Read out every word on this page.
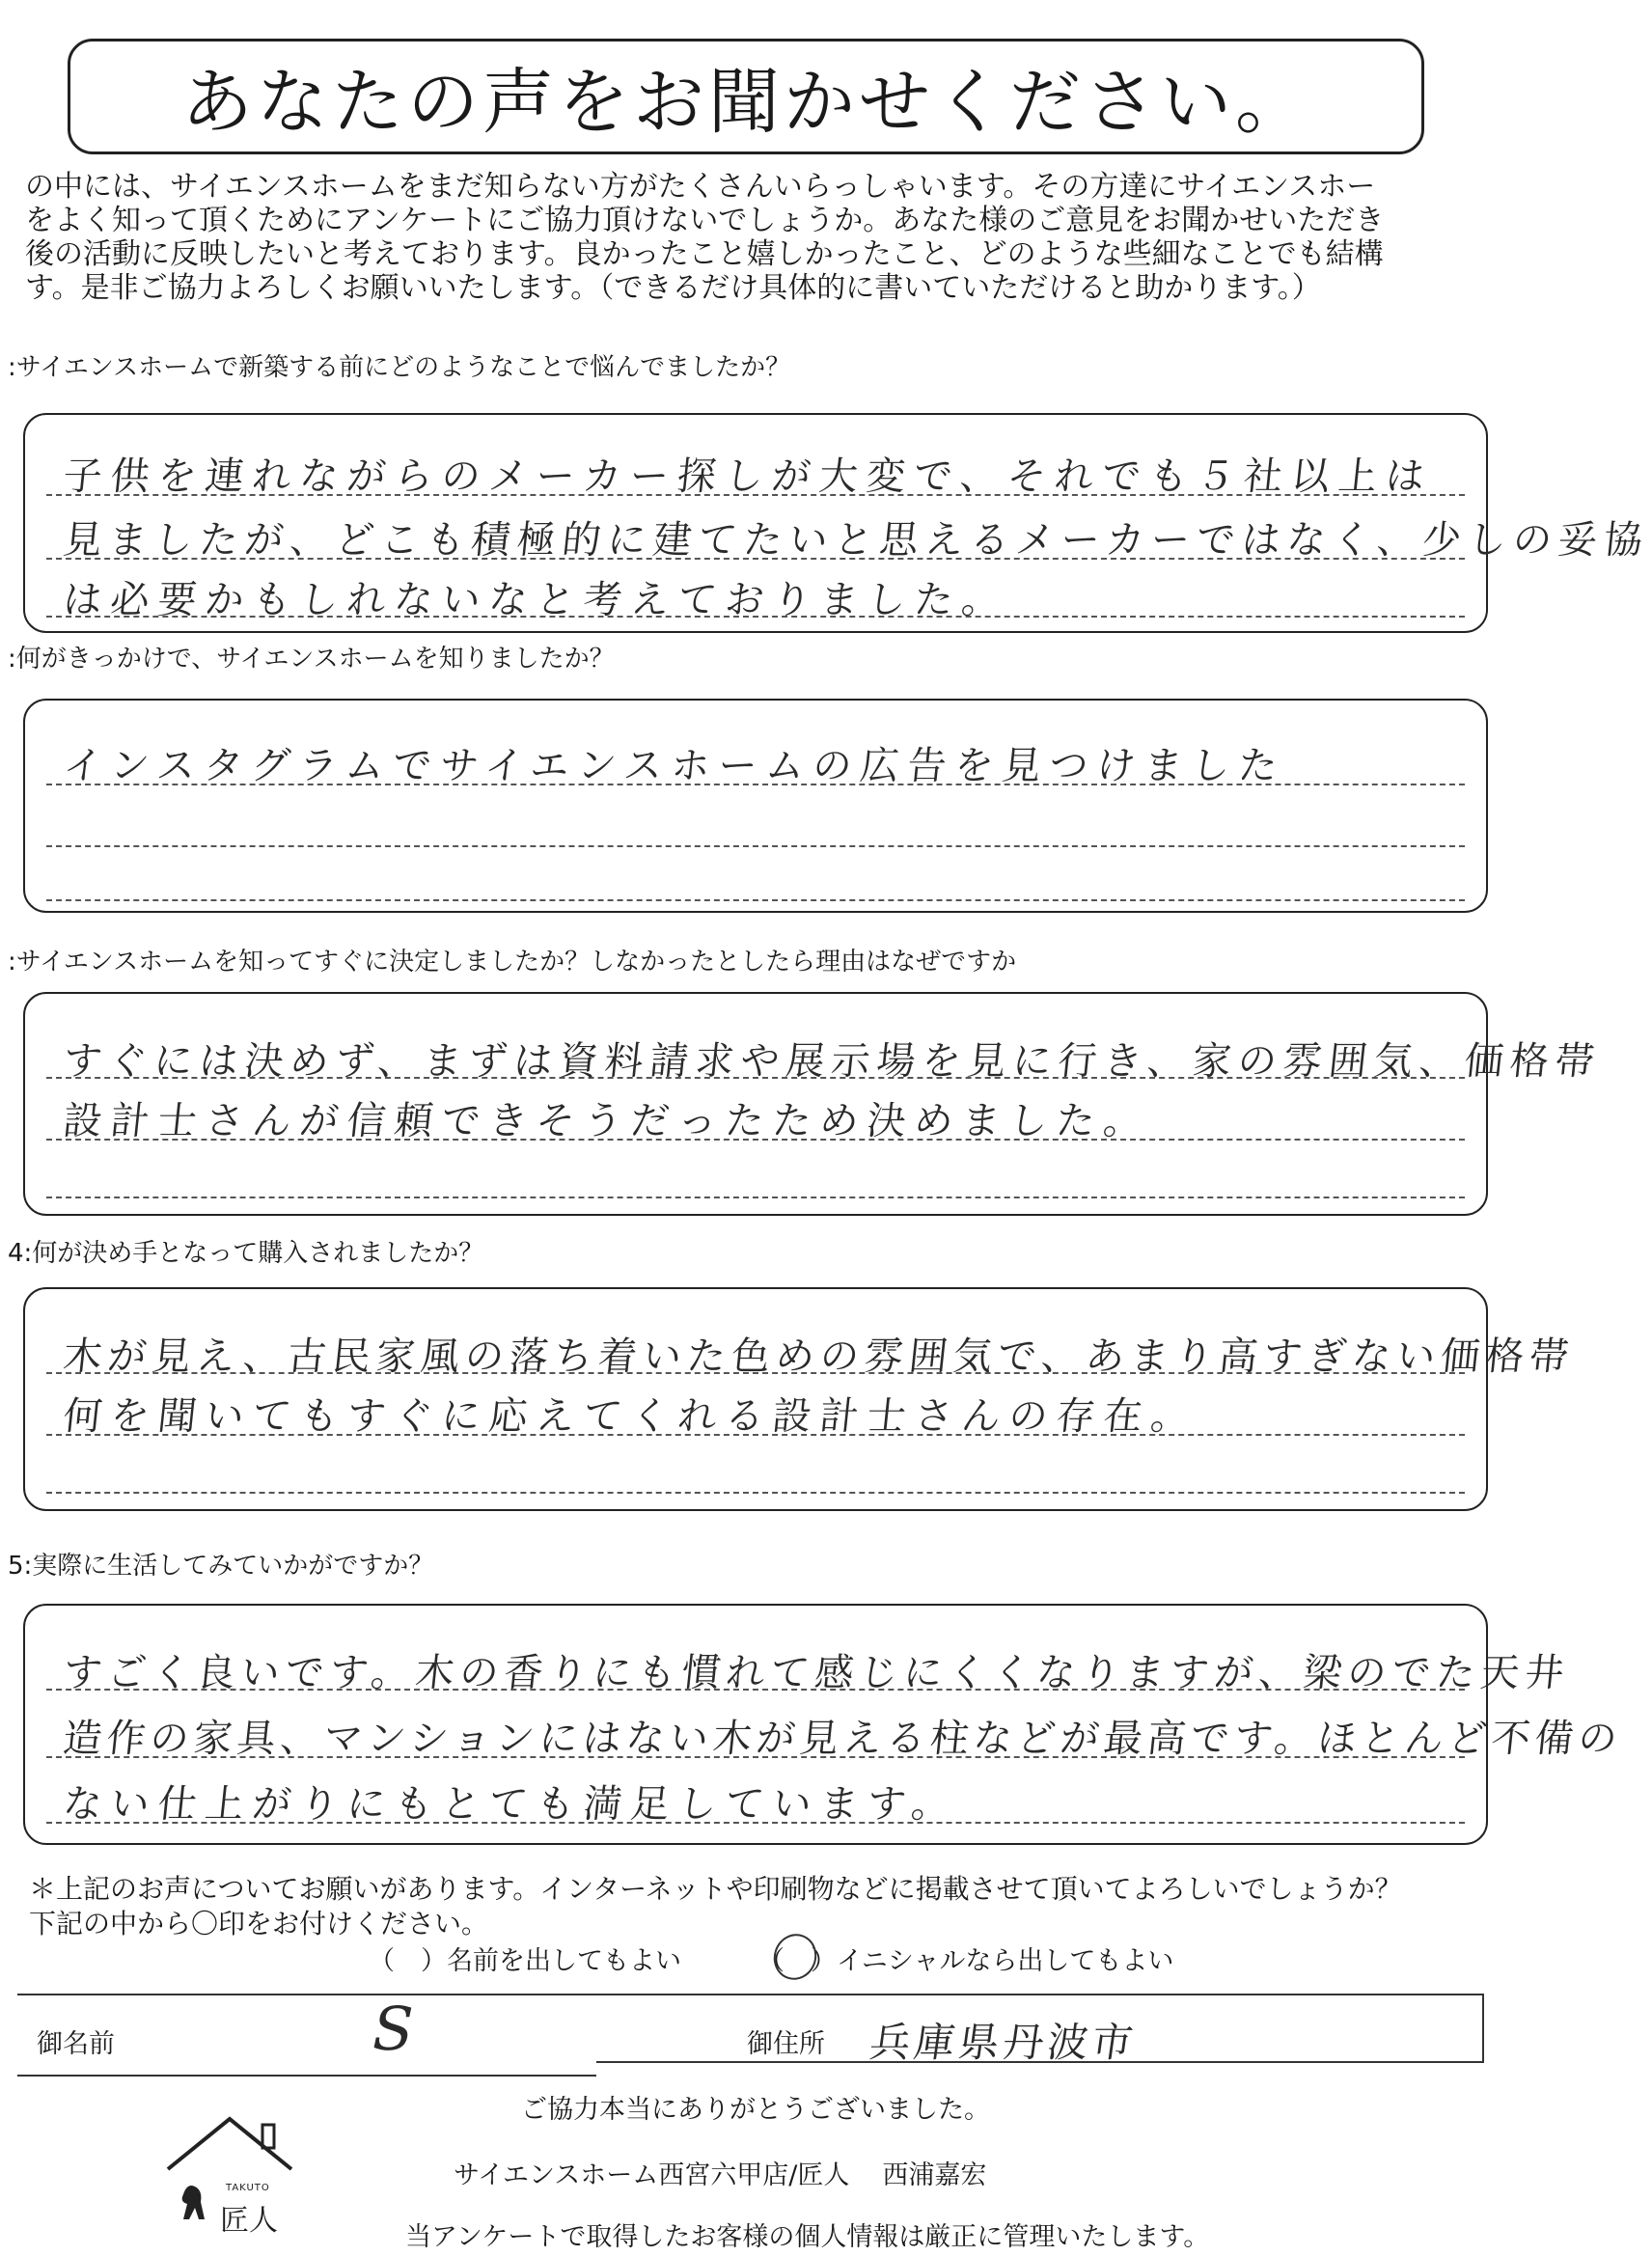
あなたの声をお聞かせください。
の中には、サイエンスホームをまだ知らない方がたくさんいらっしゃいます。その方達にサイエンスホー
をよく知って頂くためにアンケートにご協力頂けないでしょうか。あなた様のご意見をお聞かせいただき
後の活動に反映したいと考えております。良かったこと嬉しかったこと、どのような些細なことでも結構
す。是非ご協力よろしくお願いいたします。（できるだけ具体的に書いていただけると助かります。）
:サイエンスホームで新築する前にどのようなことで悩んでましたか？
子供を連れながらのメーカー探しが大変で、それでも５社以上は
見ましたが、どこも積極的に建てたいと思えるメーカーではなく、少しの妥協
は必要かもしれないなと考えておりました。
:何がきっかけで、サイエンスホームを知りましたか？
インスタグラムでサイエンスホームの広告を見つけました
:サイエンスホームを知ってすぐに決定しましたか？しなかったとしたら理由はなぜですか
すぐには決めず、まずは資料請求や展示場を見に行き、家の雰囲気、価格帯
設計士さんが信頼できそうだったため決めました。
4:何が決め手となって購入されましたか？
木が見え、古民家風の落ち着いた色めの雰囲気で、あまり高すぎない価格帯
何を聞いてもすぐに応えてくれる設計士さんの存在。
5:実際に生活してみていかがですか？
すごく良いです。木の香りにも慣れて感じにくくなりますが、梁のでた天井
造作の家具、マンションにはない木が見える柱などが最高です。ほとんど不備の
ない仕上がりにもとても満足しています。
＊上記のお声についてお願いがあります。インターネットや印刷物などに掲載させて頂いてよろしいでしょうか？
下記の中から〇印をお付けください。
（　）名前を出してもよい	（　）イニシャルなら出してもよい
御名前	S	御住所 兵庫県丹波市
ご協力本当にありがとうございました。
サイエンスホーム西宮六甲店/匠人 西浦嘉宏
当アンケートで取得したお客様の個人情報は厳正に管理いたします。
TAKUTO
匠人
